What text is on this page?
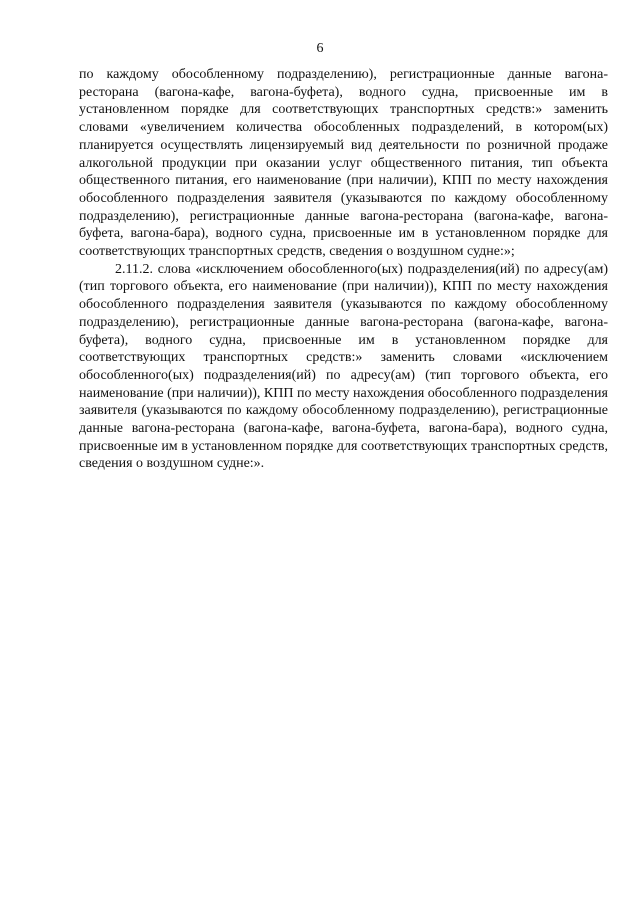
6

по каждому обособленному подразделению), регистрационные данные вагона-ресторана (вагона-кафе, вагона-буфета), водного судна, присвоенные им в установленном порядке для соответствующих транспортных средств:» заменить словами «увеличением количества обособленных подразделений, в котором(ых) планируется осуществлять лицензируемый вид деятельности по розничной продаже алкогольной продукции при оказании услуг общественного питания, тип объекта общественного питания, его наименование (при наличии), КПП по месту нахождения обособленного подразделения заявителя (указываются по каждому обособленному подразделению), регистрационные данные вагона-ресторана (вагона-кафе, вагона-буфета, вагона-бара), водного судна, присвоенные им в установленном порядке для соответствующих транспортных средств, сведения о воздушном судне:»;

2.11.2. слова «исключением обособленного(ых) подразделения(ий) по адресу(ам) (тип торгового объекта, его наименование (при наличии)), КПП по месту нахождения обособленного подразделения заявителя (указываются по каждому обособленному подразделению), регистрационные данные вагона-ресторана (вагона-кафе, вагона-буфета), водного судна, присвоенные им в установленном порядке для соответствующих транспортных средств:» заменить словами «исключением обособленного(ых) подразделения(ий) по адресу(ам) (тип торгового объекта, его наименование (при наличии)), КПП по месту нахождения обособленного подразделения заявителя (указываются по каждому обособленному подразделению), регистрационные данные вагона-ресторана (вагона-кафе, вагона-буфета, вагона-бара), водного судна, присвоенные им в установленном порядке для соответствующих транспортных средств, сведения о воздушном судне:».
